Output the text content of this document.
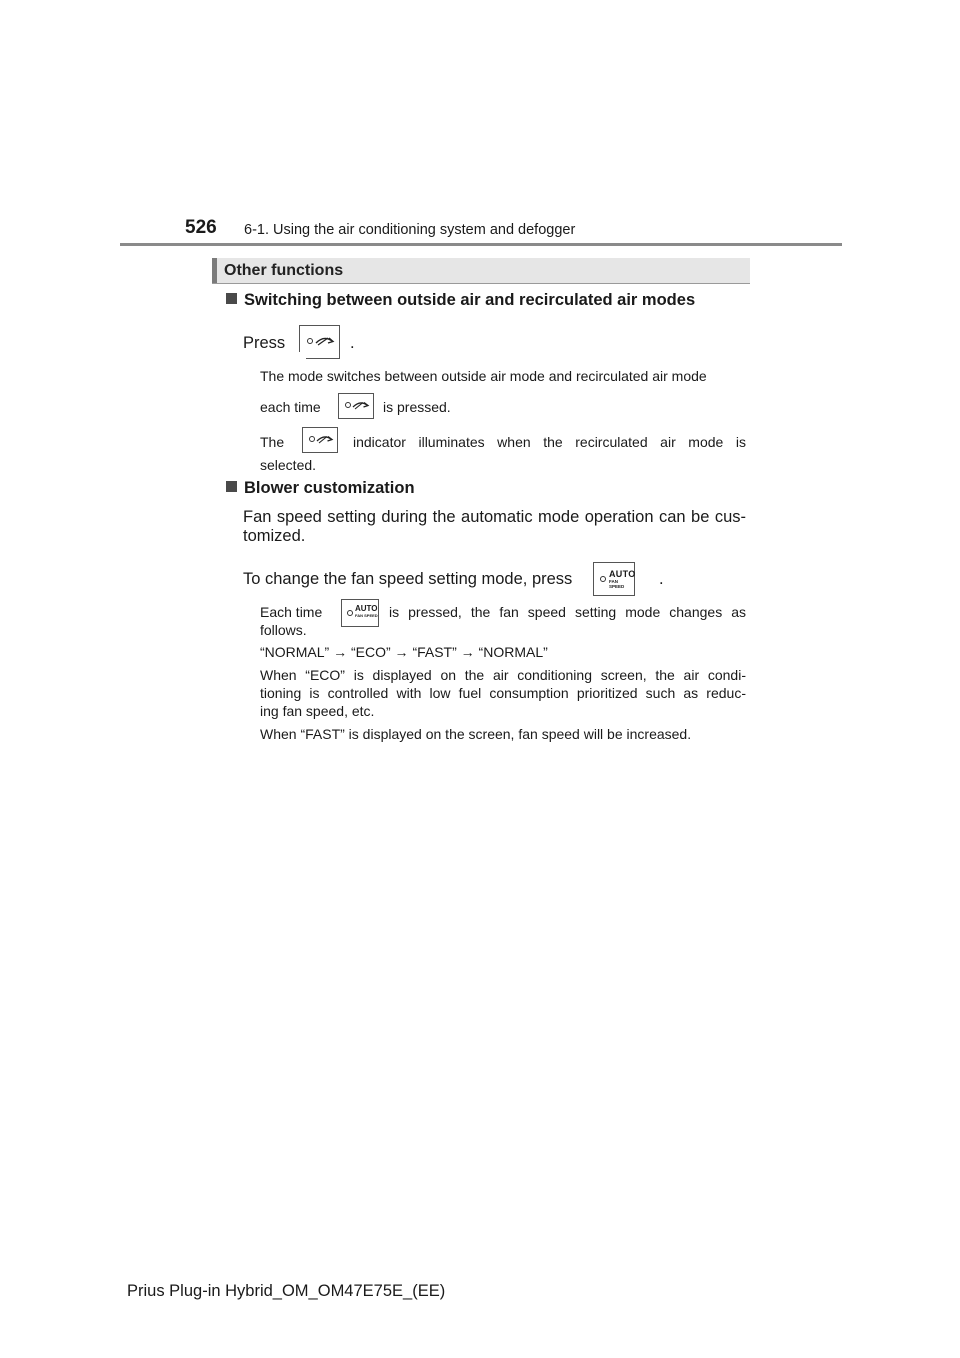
526 6-1. Using the air conditioning system and defogger
Other functions
Switching between outside air and recirculated air modes
Press	.
The mode switches between outside air mode and recirculated air mode
each time	is pressed.
The	indicator illuminates when the recirculated air mode is
selected.
Blower customization
Fan speed setting during the automatic mode operation can be cus-
tomized.
To change the fan speed setting mode, press	AUTO
FAN SPEED	.
Each time	AUTO
FAN SPEED is pressed, the fan speed setting mode changes as
follows.
“NORMAL” → “ECO” → “FAST” → “NORMAL”
When “ECO” is displayed on the air conditioning screen, the air condi-
tioning is controlled with low fuel consumption prioritized such as reduc-
ing fan speed, etc.
When “FAST” is displayed on the screen, fan speed will be increased.
Prius Plug-in Hybrid_OM_OM47E75E_(EE)
